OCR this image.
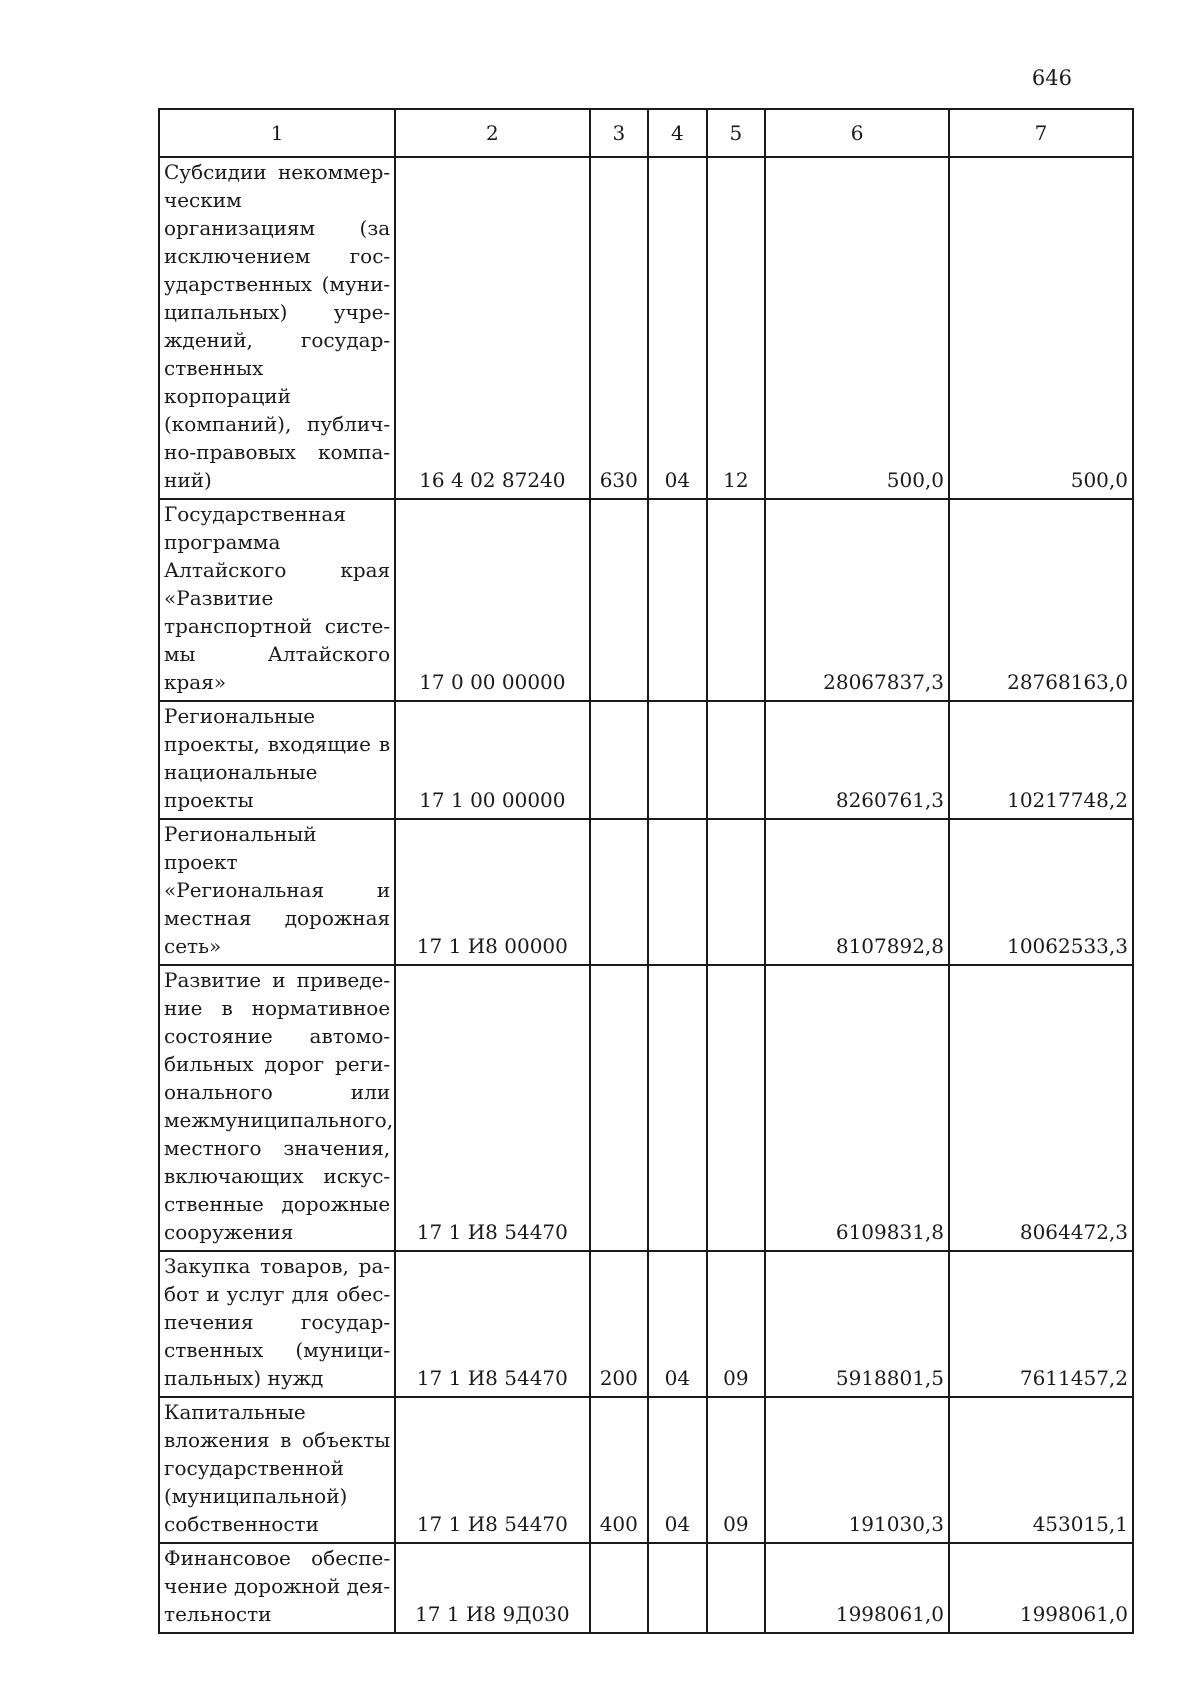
646
1	2	3	4	5	6	7
Субсидии некоммерческим организациям (за исключением государственных (муниципальных) учреждений, государственных корпораций (компаний), публично-правовых компаний)	16 4 02 87240	630	04	12	500,0	500,0
Государственная программа Алтайского края «Развитие транспортной системы Алтайского края»	17 0 00 00000				28067837,3	28768163,0
Региональные проекты, входящие в национальные проекты	17 1 00 00000				8260761,3	10217748,2
Региональный проект «Региональная и местная дорожная сеть»	17 1 И8 00000				8107892,8	10062533,3
Развитие и приведение в нормативное состояние автомобильных дорог регионального или межмуниципального, местного значения, включающих искусственные дорожные сооружения	17 1 И8 54470				6109831,8	8064472,3
Закупка товаров, работ и услуг для обеспечения государственных (муниципальных) нужд	17 1 И8 54470	200	04	09	5918801,5	7611457,2
Капитальные вложения в объекты государственной (муниципальной) собственности	17 1 И8 54470	400	04	09	191030,3	453015,1
Финансовое обеспечение дорожной деятельности	17 1 И8 9Д030				1998061,0	1998061,0
